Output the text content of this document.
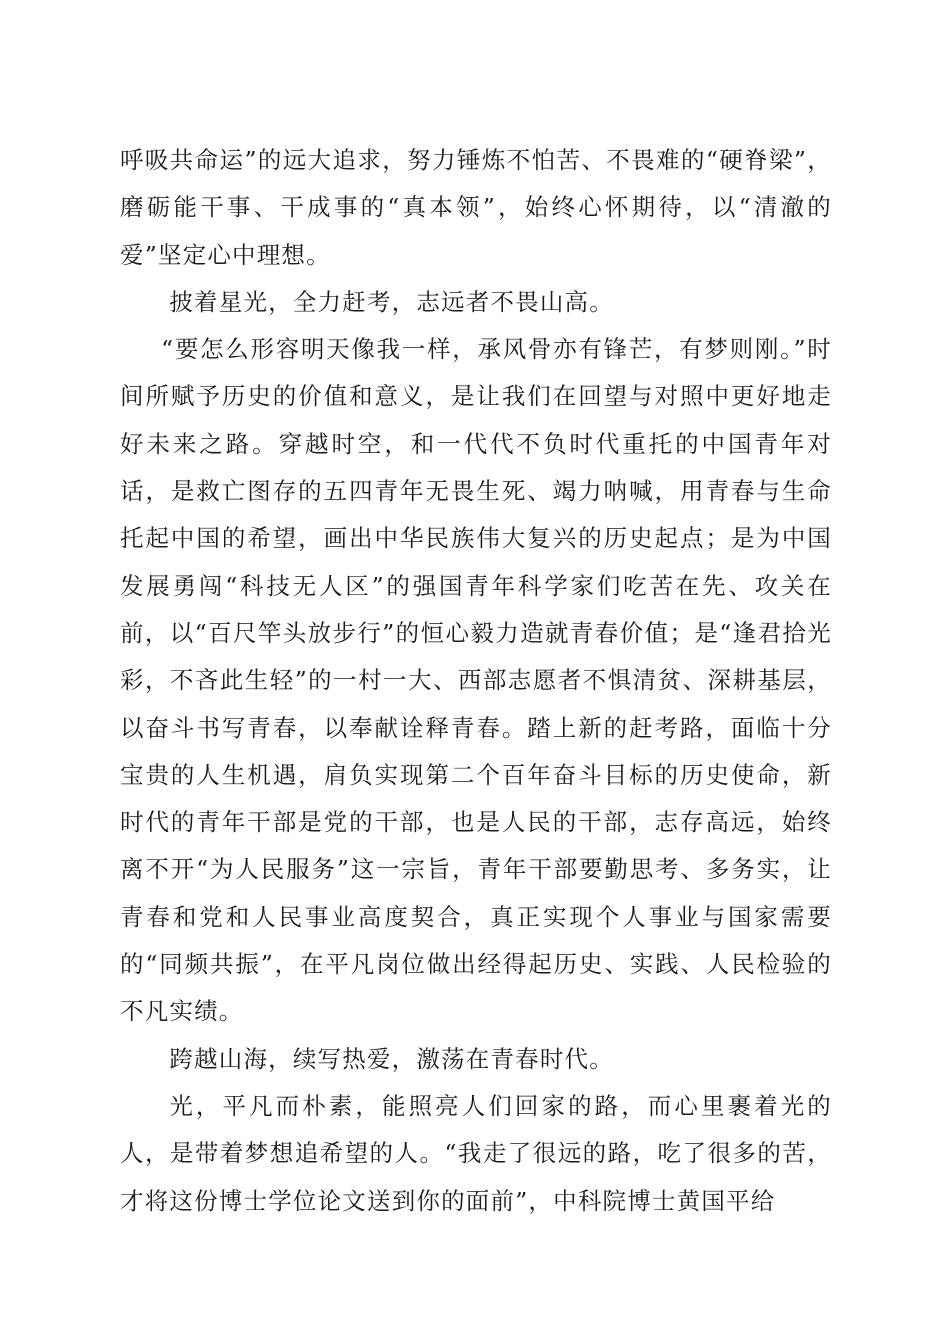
呼吸共命运”的远大追求，努力锤炼不怕苦、不畏难的“硬脊梁”，磨砺能干事、干成事的“真本领”，始终心怀期待，以“清澈的爱”坚定心中理想。

披着星光，全力赶考，志远者不畏山高。

“要怎么形容明天像我一样，承风骨亦有锋芒，有梦则刚。”时间所赋予历史的价值和意义，是让我们在回望与对照中更好地走好未来之路。穿越时空，和一代代不负时代重托的中国青年对话，是救亡图存的五四青年无畏生死、竭力呐喊，用青春与生命托起中国的希望，画出中华民族伟大复兴的历史起点；是为中国发展勇闯“科技无人区”的强国青年科学家们吃苦在先、攻关在前，以“百尺竿头放步行”的恒心毅力造就青春价值；是“逢君拾光彩，不吝此生轻”的一村一大、西部志愿者不惧清贫、深耕基层，以奋斗书写青春，以奉献诠释青春。踏上新的赶考路，面临十分宝贵的人生机遇，肩负实现第二个百年奋斗目标的历史使命，新时代的青年干部是党的干部，也是人民的干部，志存高远，始终离不开“为人民服务”这一宗旨，青年干部要勤思考、多务实，让青春和党和人民事业高度契合，真正实现个人事业与国家需要的“同频共振”，在平凡岗位做出经得起历史、实践、人民检验的不凡实绩。

跨越山海，续写热爱，激荡在青春时代。

光，平凡而朴素，能照亮人们回家的路，而心里裹着光的人，是带着梦想追希望的人。“我走了很远的路，吃了很多的苦，才将这份博士学位论文送到你的面前”，中科院博士黄国平给
